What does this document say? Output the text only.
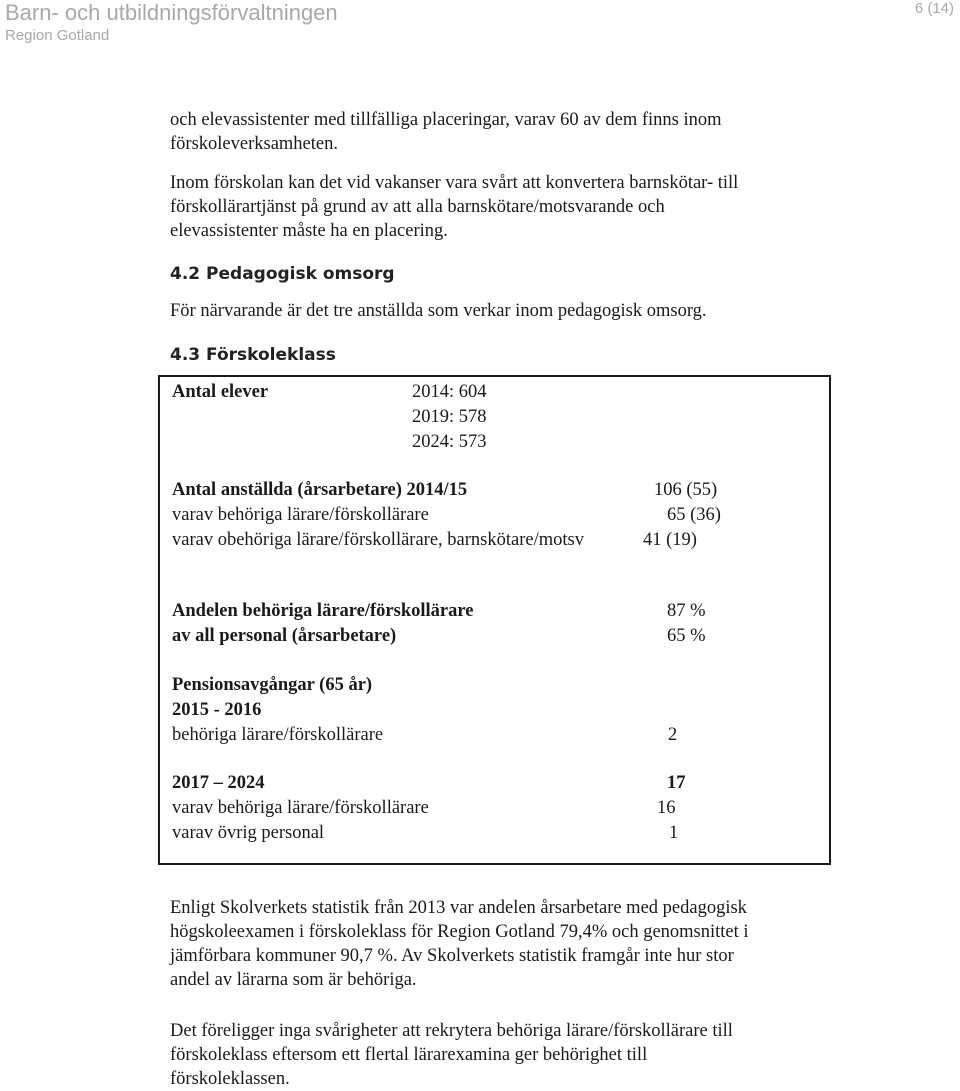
Barn- och utbildningsförvaltningen
Region Gotland
6 (14)

och elevassistenter med tillfälliga placeringar, varav 60 av dem finns inom
förskoleverksamheten.

Inom förskolan kan det vid vakanser vara svårt att konvertera barnskötar- till
förskollärartjänst på grund av att alla barnskötare/motsvarande och
elevassistenter måste ha en placering.

4.2 Pedagogisk omsorg

För närvarande är det tre anställda som verkar inom pedagogisk omsorg.

4.3 Förskoleklass
Antal elever	2014: 604
2019: 578
2024: 573
Antal anställda (årsarbetare) 2014/15	106 (55)
varav behöriga lärare/förskollärare	65 (36)
varav obehöriga lärare/förskollärare, barnskötare/motsv	41 (19)
Andelen behöriga lärare/förskollärare	87 %
av all personal (årsarbetare)	65 %
Pensionsavgångar (65 år)
2015 - 2016
behöriga lärare/förskollärare	2
2017 – 2024	17
varav behöriga lärare/förskollärare	16
varav övrig personal	1

Enligt Skolverkets statistik från 2013 var andelen årsarbetare med pedagogisk
högskoleexamen i förskoleklass för Region Gotland 79,4% och genomsnittet i
jämförbara kommuner 90,7 %. Av Skolverkets statistik framgår inte hur stor
andel av lärarna som är behöriga.

Det föreligger inga svårigheter att rekrytera behöriga lärare/förskollärare till
förskoleklass eftersom ett flertal lärarexamina ger behörighet till
förskoleklassen.
